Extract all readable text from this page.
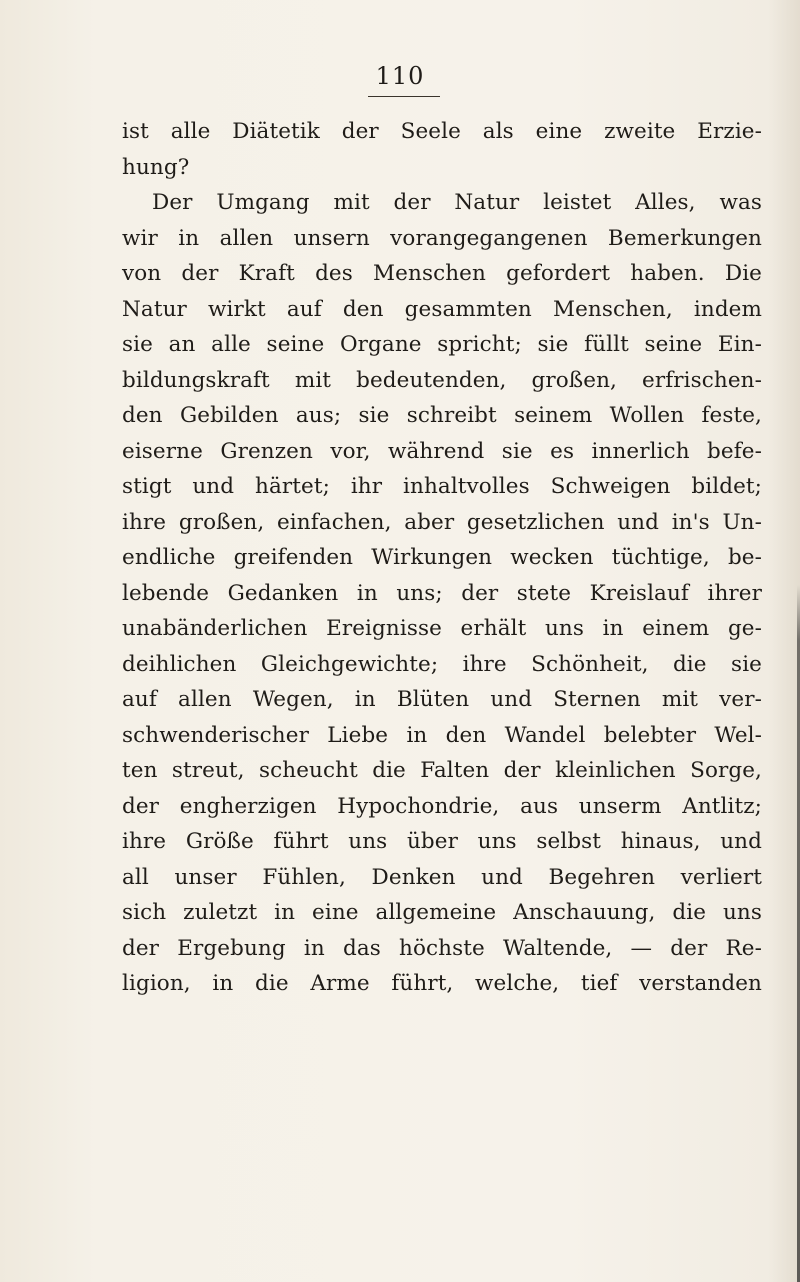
110
ist alle Diätetik der Seele als eine zweite Erzie-
hung?
Der Umgang mit der Natur leistet Alles, was
wir in allen unsern vorangegangenen Bemerkungen
von der Kraft des Menschen gefordert haben. Die
Natur wirkt auf den gesammten Menschen, indem
sie an alle seine Organe spricht; sie füllt seine Ein-
bildungskraft mit bedeutenden, großen, erfrischen-
den Gebilden aus; sie schreibt seinem Wollen feste,
eiserne Grenzen vor, während sie es innerlich befe-
stigt und härtet; ihr inhaltvolles Schweigen bildet;
ihre großen, einfachen, aber gesetzlichen und in's Un-
endliche greifenden Wirkungen wecken tüchtige, be-
lebende Gedanken in uns; der stete Kreislauf ihrer
unabänderlichen Ereignisse erhält uns in einem ge-
deihlichen Gleichgewichte; ihre Schönheit, die sie
auf allen Wegen, in Blüten und Sternen mit ver-
schwenderischer Liebe in den Wandel belebter Wel-
ten streut, scheucht die Falten der kleinlichen Sorge,
der engherzigen Hypochondrie, aus unserm Antlitz;
ihre Größe führt uns über uns selbst hinaus, und
all unser Fühlen, Denken und Begehren verliert
sich zuletzt in eine allgemeine Anschauung, die uns
der Ergebung in das höchste Waltende, — der Re-
ligion, in die Arme führt, welche, tief verstanden
